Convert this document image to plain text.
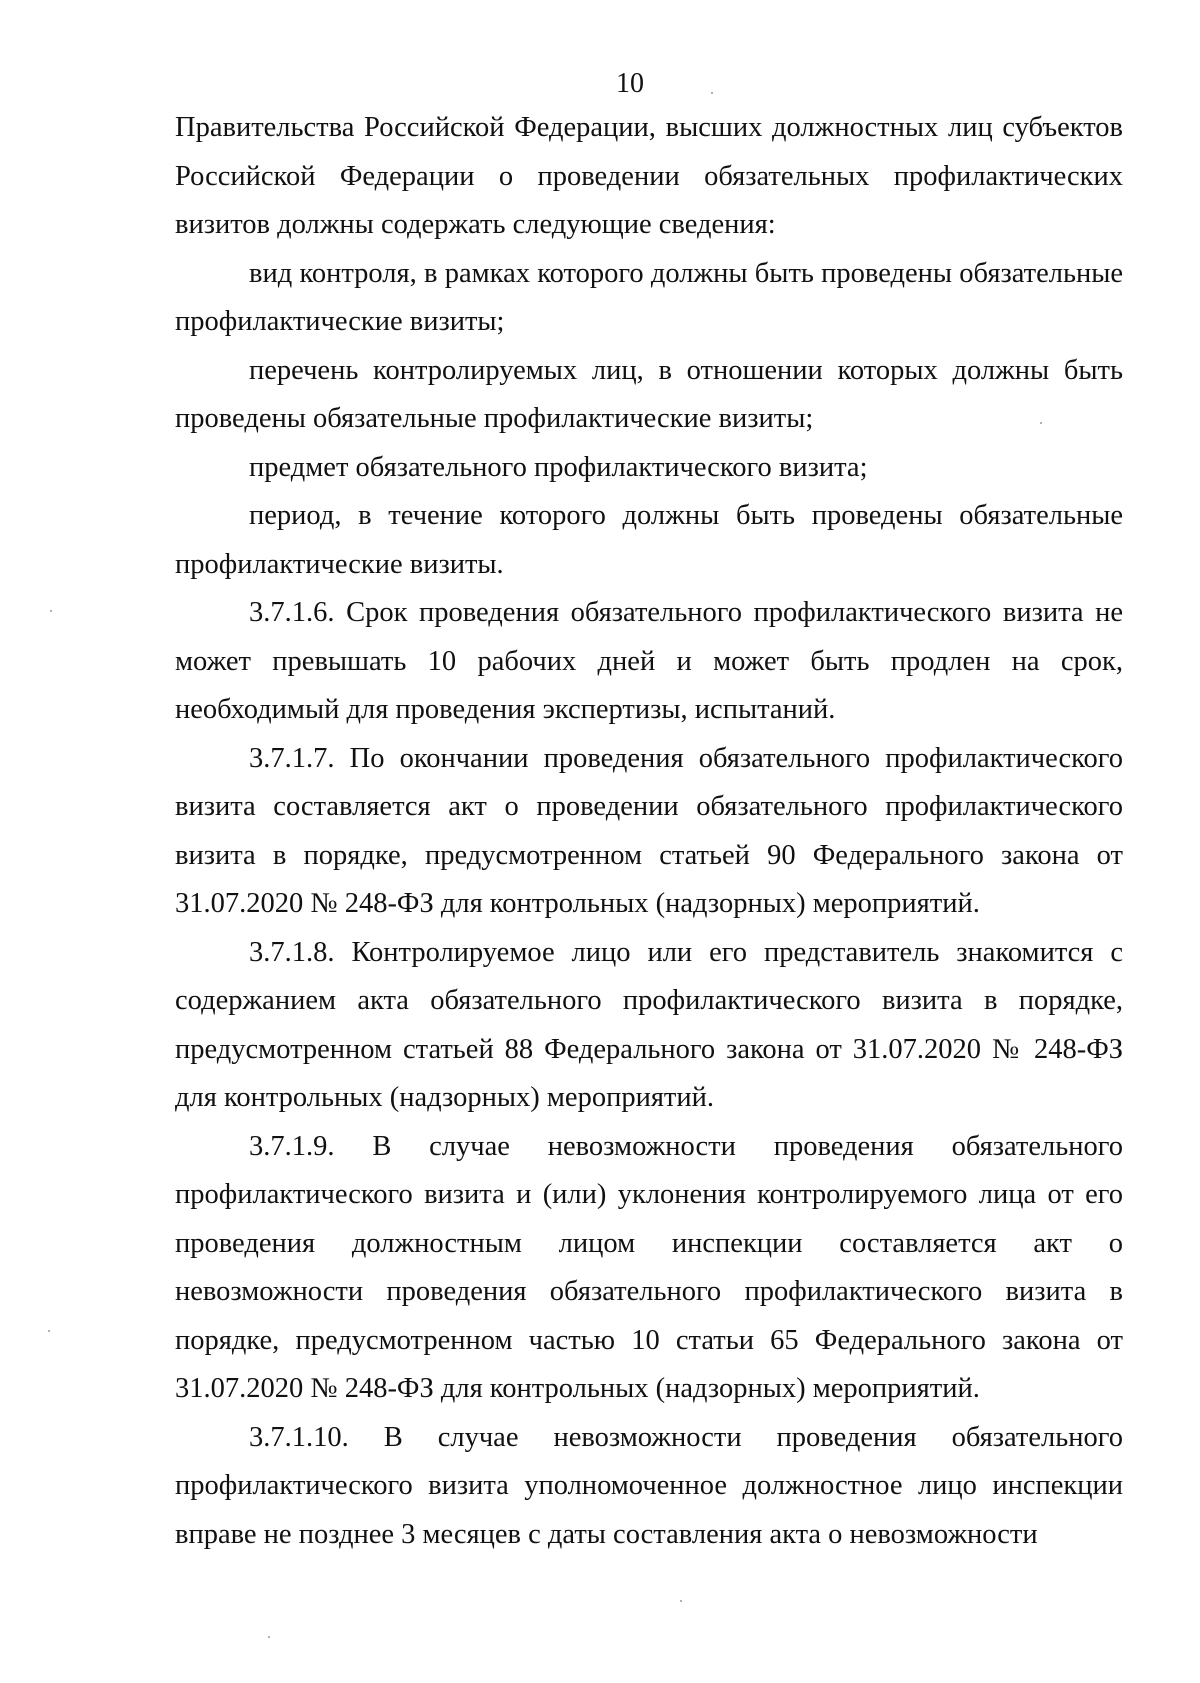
10

Правительства Российской Федерации, высших должностных лиц субъектов Российской Федерации о проведении обязательных профилактических визитов должны содержать следующие сведения:

вид контроля, в рамках которого должны быть проведены обязательные профилактические визиты;

перечень контролируемых лиц, в отношении которых должны быть проведены обязательные профилактические визиты;

предмет обязательного профилактического визита;

период, в течение которого должны быть проведены обязательные профилактические визиты.

3.7.1.6. Срок проведения обязательного профилактического визита не может превышать 10 рабочих дней и может быть продлен на срок, необходимый для проведения экспертизы, испытаний.

3.7.1.7. По окончании проведения обязательного профилактического визита составляется акт о проведении обязательного профилактического визита в порядке, предусмотренном статьей 90 Федерального закона от 31.07.2020 № 248-ФЗ для контрольных (надзорных) мероприятий.

3.7.1.8. Контролируемое лицо или его представитель знакомится с содержанием акта обязательного профилактического визита в порядке, предусмотренном статьей 88 Федерального закона от 31.07.2020 № 248-ФЗ для контрольных (надзорных) мероприятий.

3.7.1.9. В случае невозможности проведения обязательного профилактического визита и (или) уклонения контролируемого лица от его проведения должностным лицом инспекции составляется акт о невозможности проведения обязательного профилактического визита в порядке, предусмотренном частью 10 статьи 65 Федерального закона от 31.07.2020 № 248-ФЗ для контрольных (надзорных) мероприятий.

3.7.1.10. В случае невозможности проведения обязательного профилактического визита уполномоченное должностное лицо инспекции вправе не позднее 3 месяцев с даты составления акта о невозможности
